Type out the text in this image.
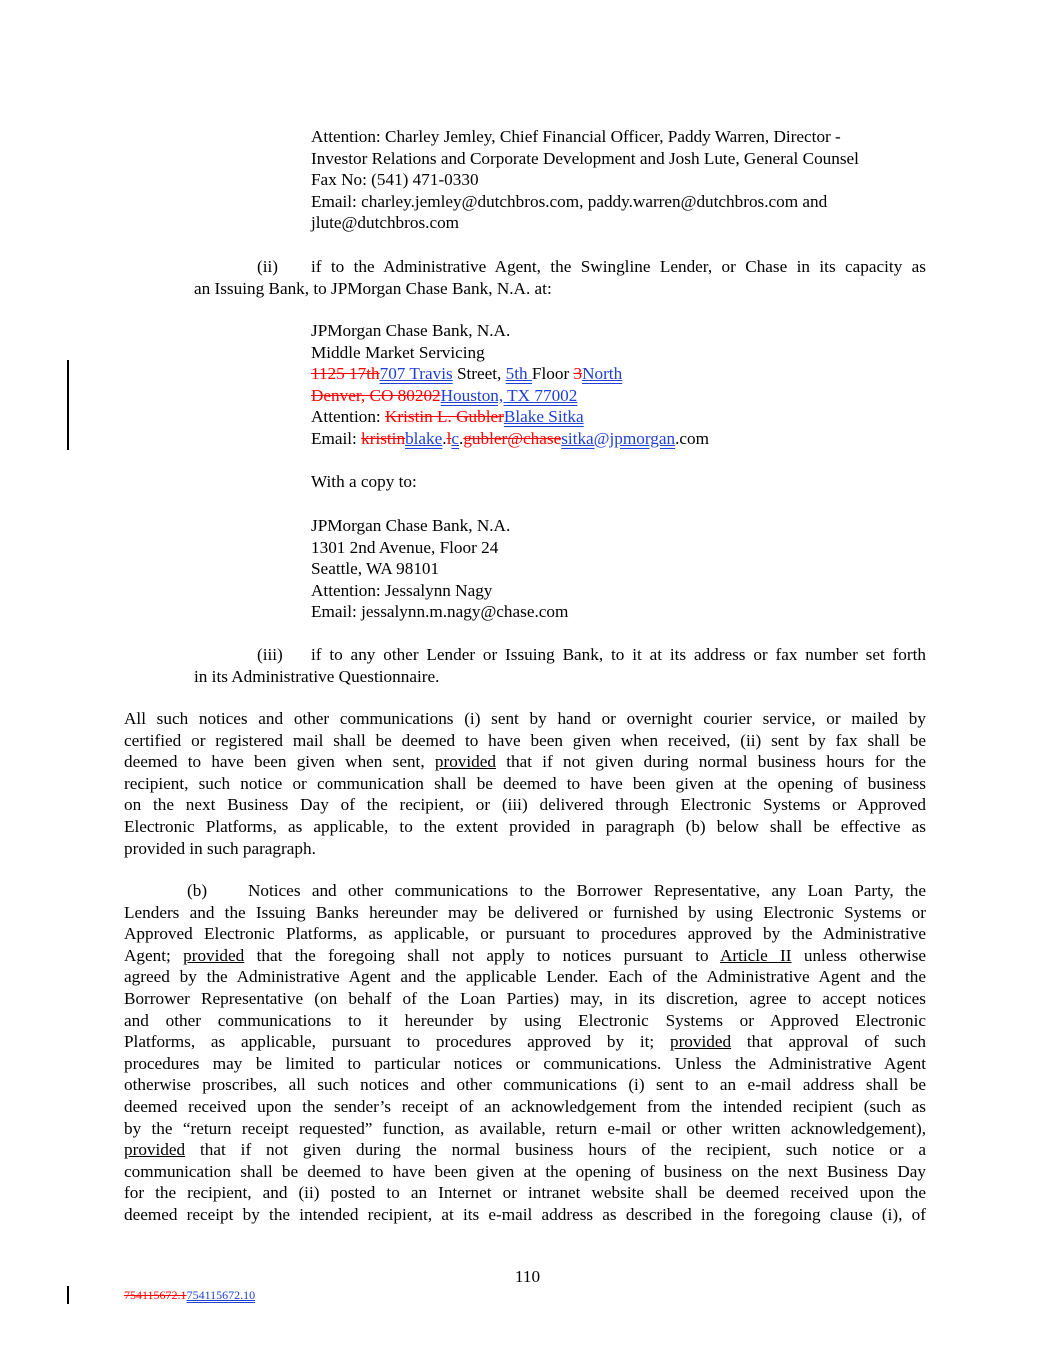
Attention: Charley Jemley, Chief Financial Officer, Paddy Warren, Director -
Investor Relations and Corporate Development and Josh Lute, General Counsel
Fax No: (541) 471-0330
Email: charley.jemley@dutchbros.com, paddy.warren@dutchbros.com and
jlute@dutchbros.com
(ii) if to the Administrative Agent, the Swingline Lender, or Chase in its capacity as
an Issuing Bank, to JPMorgan Chase Bank, N.A. at:
JPMorgan Chase Bank, N.A.
Middle Market Servicing
1125 17th707 Travis Street, 5th Floor 3North
Denver, CO 80202Houston, TX 77002
Attention: Kristin L. GublerBlake Sitka
Email: kristinblake.lc.gubler@chasesitka@jpmorgan.com
With a copy to:
JPMorgan Chase Bank, N.A.
1301 2nd Avenue, Floor 24
Seattle, WA 98101
Attention: Jessalynn Nagy
Email: jessalynn.m.nagy@chase.com
(iii) if to any other Lender or Issuing Bank, to it at its address or fax number set forth
in its Administrative Questionnaire.
All such notices and other communications (i) sent by hand or overnight courier service, or mailed by
certified or registered mail shall be deemed to have been given when received, (ii) sent by fax shall be
deemed to have been given when sent, provided that if not given during normal business hours for the
recipient, such notice or communication shall be deemed to have been given at the opening of business
on the next Business Day of the recipient, or (iii) delivered through Electronic Systems or Approved
Electronic Platforms, as applicable, to the extent provided in paragraph (b) below shall be effective as
provided in such paragraph.
(b) Notices and other communications to the Borrower Representative, any Loan Party, the
Lenders and the Issuing Banks hereunder may be delivered or furnished by using Electronic Systems or
Approved Electronic Platforms, as applicable, or pursuant to procedures approved by the Administrative
Agent; provided that the foregoing shall not apply to notices pursuant to Article II unless otherwise
agreed by the Administrative Agent and the applicable Lender. Each of the Administrative Agent and the
Borrower Representative (on behalf of the Loan Parties) may, in its discretion, agree to accept notices
and other communications to it hereunder by using Electronic Systems or Approved Electronic
Platforms, as applicable, pursuant to procedures approved by it; provided that approval of such
procedures may be limited to particular notices or communications. Unless the Administrative Agent
otherwise proscribes, all such notices and other communications (i) sent to an e-mail address shall be
deemed received upon the sender’s receipt of an acknowledgement from the intended recipient (such as
by the “return receipt requested” function, as available, return e-mail or other written acknowledgement),
provided that if not given during the normal business hours of the recipient, such notice or a
communication shall be deemed to have been given at the opening of business on the next Business Day
for the recipient, and (ii) posted to an Internet or intranet website shall be deemed received upon the
deemed receipt by the intended recipient, at its e-mail address as described in the foregoing clause (i), of
110
754115672.1754115672.10
